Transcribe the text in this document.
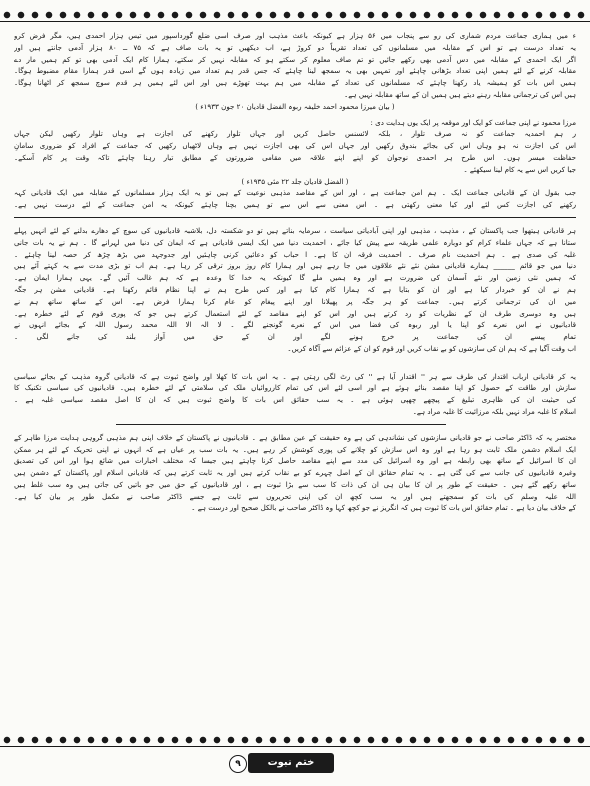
ء میں ہماری جماعت مردم شماری کی رو سے پنجاب میں ۵۶ ہزار ہے کیونکہ باعث مذہب اور صرف اسی ضلع گورداسپور میں تیس ہزار احمدی ہیں، مگر فرض کرو
یہ تعداد درست ہے تو اس کے مقابلہ میں مسلمانوں کی تعداد تقریباً دو کروڑ ہے، اب دیکھیں تو یہ بات صاف ہے کہ ۷۵ ــ ۸۰ ہزار آدمی جانتے ہیں اور
اگر ایک احمدی کے مقابلہ میں دس آدمی بھی رکھے جائیں تو تم صاف معلوم کر سکتے ہو کہ مقابلہ نہیں کر سکتے، ہمارا کام ایک آدمی بھی تو کم ہمیں مار دے
مقابلہ کرنے کے لئے ہمیں اپنی تعداد بڑھانی چاہئے اور تمہیں بھی یہ سمجھ لینا چاہئے کہ جس قدر ہم تعداد میں زیادہ ہوں گے اسی قدر ہمارا مقام مضبوط ہوگا۔
ہمیں اس بات کو ہمیشہ یاد رکھنا چاہئے کہ مسلمانوں کی تعداد کے مقابلہ میں ہم بہت تھوڑے ہیں اور اس لئے ہمیں ہر قدم سوچ سمجھ کر اٹھانا ہوگا۔
ہیں اس کی ترجمانی مقابلہ رہنے دیتے ہیں ہمیں ان کے ساتھ مقابلہ نہیں ہے۔
( بیان میرزا محمود احمد خلیفہ ربوہ الفضل قادیان ۲۰ جون ۱۹۳۳ء )
مرزا محمود نے اپنی جماعت کو ایک اور موقعہ پر ایک یوں ہدایت دی :
ر ہم احمدیہ جماعت کو نہ صرف تلوار ، بلکہ لائسنس حاصل کریں اور جہاں تلوار رکھنے کی اجازت ہے وہاں تلوار رکھیں لیکن جہاں
اس کی اجازت نہ ہو وہاں اس کی بجائے بندوق رکھیں اور جہاں اس کی بھی اجازت نہیں ہے وہاں لاٹھیاں رکھیں کہ جماعت کے افراد کو ضروری سامانِ
حفاظت میسر ہوں۔ اس طرح ہر احمدی نوجوان کو اپنے اپنے علاقہ میں مقامی ضرورتوں کے مطابق تیار رہنا چاہئے تاکہ وقت پر کام آسکے۔
جیا کریں اس سے یہ کام لینا سیکھئے ۔
( الفضل قادیان جلد ۲۲ مئی ۱۹۳۵ء )
جب بقول ان کے قادیانی جماعت ایک ۔ ہم امن جماعت ہے ، اور اس کے مقاصد مذہبی نوعیت کے ہیں تو یہ ایک ہزار مسلمانوں کے مقابلہ میں ایک قادیانی کہہ
رکھنے کی اجازت کس لئے اور کیا معنی رکھتی ہے ۔ اس معنی سے اس سے تو ہمیں بچنا چاہئے کیونکہ یہ امن جماعت کے لئے درست نہیں ہے۔
ہر قادیانی ہیتھوا جب پاکستان کے ، مذہب ، مذہبی اور اپنی آبادیاتی سیاست ، سرمایہ بناتے ہیں تو دو شکستہ دل، بلاشبہ قادیانیوں کی سوچ کے دھارے بدلنے کے لئے انہیں پہلے
ستانا ہے کہ جہاں علماء کرام کو دوبارہ علمی طریقہ سے پیش کیا جائے ، احمدیت دنیا میں ایک ایسی قادیانی ہے کہ ایمان کی دنیا میں لہرانے گا ۔ ہم نے یہ بات جانی
غلبہ کی صدی ہے ۔ ہم احمدیت نام صرف ۔ احمدیت فرقہ ان کا ہے۔ ا حباب کو دعائیں کرنی چاہئیں اور جدوجہد میں بڑھ چڑھ کر حصہ لینا چاہئے ۔
دنیا میں جو قائم ______ ہمارے قادیانی مشن نئے نئے علاقوں میں جا رہے ہیں اور ہمارا کام روز بروز ترقی کر رہا ہے۔ ہم اب تو بڑی مدت سے یہ کہتے آئے ہیں
کہ ہمیں نئی زمین اور نئے آسمان کی ضرورت ہے اور وہ ہمیں ملے گا کیونکہ یہ خدا کا وعدہ ہے کہ ہم غالب آئیں گے۔ یہی ہمارا ایمان ہے۔
ہم نے ان کو خبردار کیا ہے اور ان کو بتایا ہے کہ ہمارا کام کیا ہے اور کس طرح ہم نے اپنا نظام قائم رکھنا ہے۔ قادیانی مشن ہر جگہ
میں ان کی ترجمانی کرتے ہیں۔ جماعت کو ہر جگہ پر پھیلانا اور اپنے پیغام کو عام کرنا ہمارا فرض ہے۔ اس کے ساتھ ساتھ ہم نے
ہیں وہ دوسری طرف ان کے نظریات کو رد کرتے ہیں اور اس کو اپنے مقاصد کے لئے استعمال کرتے ہیں جو کہ پوری قوم کے لئے خطرہ ہے۔
قادیانیوں نے اس نعرے کو اپنا یا اور ربوہ کی فضا میں اس کے نعرے گونجنے لگے ۔ لا الہ الا اللہ محمد رسول اللہ کے بجائے انہوں نے
تمام پیسے ان کی جماعت پر خرچ ہونے لگے اور ان کے حق میں آواز بلند کی جانے لگی ۔
اب وقت آگیا ہے کہ ہم ان کی سازشوں کو بے نقاب کریں اور قوم کو ان کے عزائم سے آگاہ کریں۔
یہ کر قادیانی ارباب اقتدار کی طرف سے ہر '' اقتدار آیا ہے '' کی رٹ لگی رہتی ہے ۔ یہ اس بات کا کھلا اور واضح ثبوت ہے کہ قادیانی گروہ مذہب کے بجائے سیاسی
سازش اور طاقت کے حصول کو اپنا مقصد بنائے ہوئے ہے اور اسی لئے اس کی تمام کارروائیاں ملک کی سلامتی کے لئے خطرہ ہیں۔ قادیانیوں کی سیاسی تکنیک کا
کی حیثیت ان کی ظاہری تبلیغ کے پیچھے چھپی ہوئی ہے ۔ یہ سب حقائق اس بات کا واضح ثبوت ہیں کہ ان کا اصل مقصد سیاسی غلبہ ہے ۔
اسلام کا غلبہ مراد نہیں بلکہ مرزائیت کا غلبہ مراد ہے۔
مختصر یہ کہ ڈاکٹر صاحب نے جو قادیانی سازشوں کی نشاندہی کی ہے وہ حقیقت کے عین مطابق ہے ۔ قادیانیوں نے پاکستان کے خلاف اپنی ہم مذہبی گروہی ہدایت مرزا طاہر کے
ایک اسلام دشمن ملک ثابت ہو رہا ہے اور وہ اس سازش کو چلانے کی پوری کوشش کر رہے ہیں۔ یہ بات سب پر عیاں ہے کہ انہوں نے اپنی تحریک کے لئے ہر ممکن
ان کا اسرائیل کے ساتھ بھی رابطہ ہے اور وہ اسرائیل کی مدد سے اپنے مقاصد حاصل کرنا چاہتے ہیں جیسا کہ مختلف اخبارات میں شائع ہوا اور اس کی تصدیق
وغیرہ قادیانیوں کی جانب سے کی گئی ہے ۔ یہ تمام حقائق ان کے اصل چہرے کو بے نقاب کرتے ہیں اور یہ ثابت کرتے ہیں کہ قادیانی اسلام اور پاکستان کے دشمن ہیں
ساتھ رکھے گئے ہیں ۔ حقیقت کے طور پر ان کا بیان ہی ان کی ذات کا سب سے بڑا ثبوت ہے ، اور قادیانیوں کے حق میں جو باتیں کی جاتی ہیں وہ سب غلط ہیں
اللہ علیہ وسلم کی بات کو سمجھتے ہیں اور یہ سب کچھ ان کی اپنی تحریروں سے ثابت ہے جسے ڈاکٹر صاحب نے مکمل طور پر بیان کیا ہے۔
کے خلاف بیان دیا ہے ۔ تمام حقائق اس بات کا ثبوت ہیں کہ انگریز نے جو کچھ کہا وہ ڈاکٹر صاحب نے بالکل صحیح اور درست ہے ۔
۹	ختم نبوت
